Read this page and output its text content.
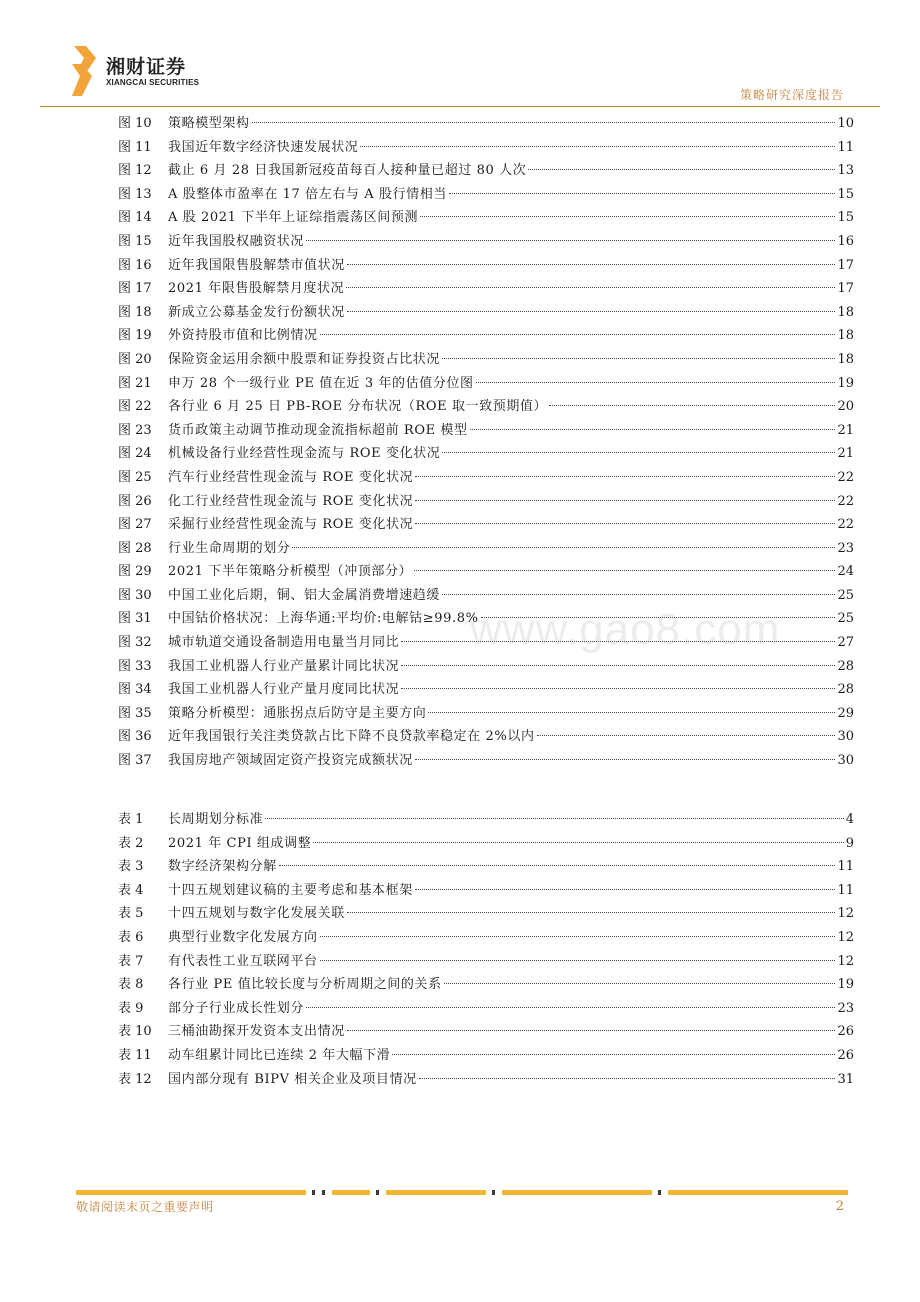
湘财证券
XIANGCAI SECURITIES
策略研究深度报告
图 10	策略模型架构	10
图 11	我国近年数字经济快速发展状况	11
图 12	截止 6 月 28 日我国新冠疫苗每百人接种量已超过 80 人次	13
图 13	A 股整体市盈率在 17 倍左右与 A 股行情相当	15
图 14	A 股 2021 下半年上证综指震荡区间预测	15
图 15	近年我国股权融资状况	16
图 16	近年我国限售股解禁市值状况	17
图 17	2021 年限售股解禁月度状况	17
图 18	新成立公募基金发行份额状况	18
图 19	外资持股市值和比例情况	18
图 20	保险资金运用余额中股票和证券投资占比状况	18
图 21	申万 28 个一级行业 PE 值在近 3 年的估值分位图	19
图 22	各行业 6 月 25 日 PB-ROE 分布状况（ROE 取一致预期值）	20
图 23	货币政策主动调节推动现金流指标超前 ROE 模型	21
图 24	机械设备行业经营性现金流与 ROE 变化状况	21
图 25	汽车行业经营性现金流与 ROE 变化状况	22
图 26	化工行业经营性现金流与 ROE 变化状况	22
图 27	采掘行业经营性现金流与 ROE 变化状况	22
图 28	行业生命周期的划分	23
图 29	2021 下半年策略分析模型（冲顶部分）	24
图 30	中国工业化后期，铜、铝大金属消费增速趋缓	25
图 31	中国钴价格状况：上海华通:平均价:电解钴≥99.8%	25
图 32	城市轨道交通设备制造用电量当月同比	27
图 33	我国工业机器人行业产量累计同比状况	28
图 34	我国工业机器人行业产量月度同比状况	28
图 35	策略分析模型：通胀拐点后防守是主要方向	29
图 36	近年我国银行关注类贷款占比下降不良贷款率稳定在 2%以内	30
图 37	我国房地产领域固定资产投资完成额状况	30
表 1	长周期划分标准	4
表 2	2021 年 CPI 组成调整	9
表 3	数字经济架构分解	11
表 4	十四五规划建议稿的主要考虑和基本框架	11
表 5	十四五规划与数字化发展关联	12
表 6	典型行业数字化发展方向	12
表 7	有代表性工业互联网平台	12
表 8	各行业 PE 值比较长度与分析周期之间的关系	19
表 9	部分子行业成长性划分	23
表 10	三桶油勘探开发资本支出情况	26
表 11	动车组累计同比已连续 2 年大幅下滑	26
表 12	国内部分现有 BIPV 相关企业及项目情况	31
www.gao8.com
敬请阅读末页之重要声明	2
